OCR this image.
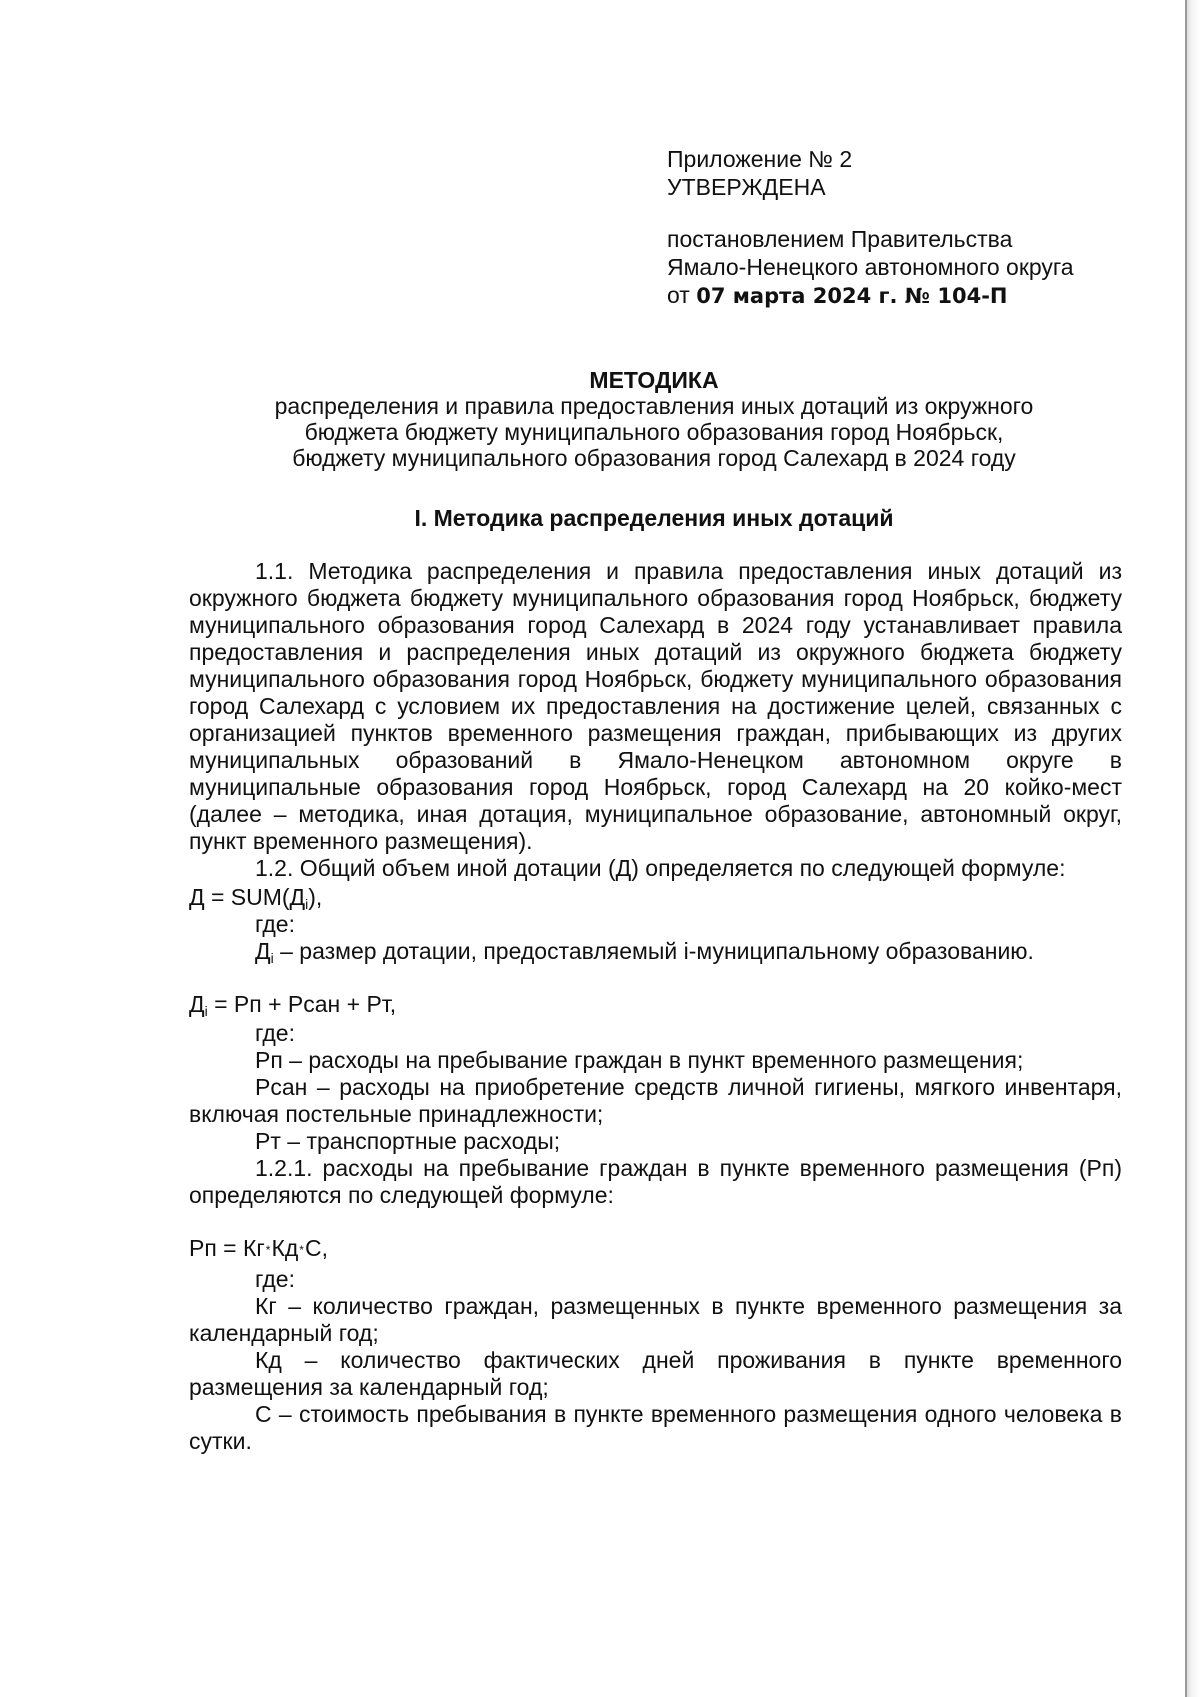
Приложение № 2
УТВЕРЖДЕНА
постановлением Правительства
Ямало-Ненецкого автономного округа
от 07 марта 2024 г. № 104-П
МЕТОДИКА
распределения и правила предоставления иных дотаций из окружного
бюджета бюджету муниципального образования город Ноябрьск,
бюджету муниципального образования город Салехард в 2024 году
I. Методика распределения иных дотаций

1.1. Методика распределения и правила предоставления иных дотаций из окружного бюджета бюджету муниципального образования город Ноябрьск, бюджету муниципального образования город Салехард в 2024 году устанавливает правила предоставления и распределения иных дотаций из окружного бюджета бюджету муниципального образования город Ноябрьск, бюджету муниципального образования город Салехард с условием их предоставления на достижение целей, связанных с организацией пунктов временного размещения граждан, прибывающих из других муниципальных образований в Ямало-Ненецком автономном округе в муниципальные образования город Ноябрьск, город Салехард на 20 койко-мест (далее – методика, иная дотация, муниципальное образование, автономный округ, пункт временного размещения).

1.2. Общий объем иной дотации (Д) определяется по следующей формуле:

$Д = SUM(Д_i)$,

где:

$Д_i$ – размер дотации, предоставляемый i-муниципальному образованию.

$Д_i$ = Рп + Рсан + Рт,

где:

Рп – расходы на пребывание граждан в пункт временного размещения;

Рсан – расходы на приобретение средств личной гигиены, мягкого инвентаря, включая постельные принадлежности;

Рт – транспортные расходы;

1.2.1. расходы на пребывание граждан в пункте временного размещения (Рп) определяются по следующей формуле:

Рп = Кг*Кд*С,

где:

Кг – количество граждан, размещенных в пункте временного размещения за календарный год;

Кд – количество фактических дней проживания в пункте временного размещения за календарный год;

С – стоимость пребывания в пункте временного размещения одного человека в сутки.
